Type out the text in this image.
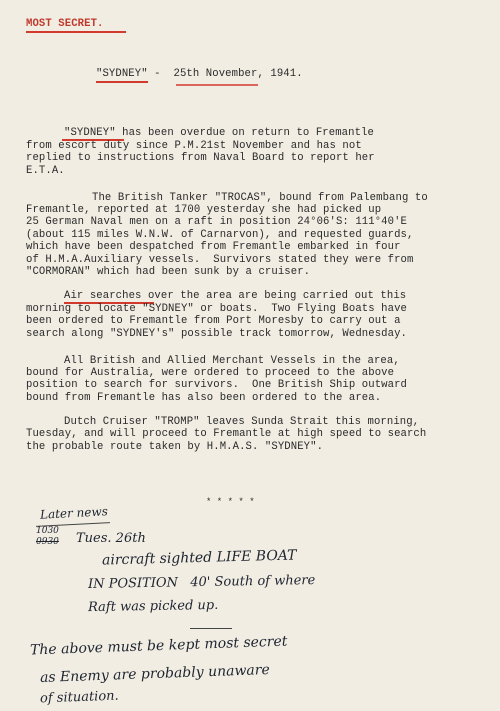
MOST SECRET.
"SYDNEY" -  25th November, 1941.
"SYDNEY" has been overdue on return to Fremantle
from escort duty since P.M.21st November and has not
replied to instructions from Naval Board to report her
E.T.A.
The British Tanker "TROCAS", bound from Palembang to
Fremantle, reported at 1700 yesterday she had picked up
25 German Naval men on a raft in position 24°06'S: 111°40'E
(about 115 miles W.N.W. of Carnarvon), and requested guards,
which have been despatched from Fremantle embarked in four
of H.M.A.Auxiliary vessels.  Survivors stated they were from
"CORMORAN" which had been sunk by a cruiser.
Air searches over the area are being carried out this
morning to locate "SYDNEY" or boats.  Two Flying Boats have
been ordered to Fremantle from Port Moresby to carry out a
search along "SYDNEY's" possible track tomorrow, Wednesday.
All British and Allied Merchant Vessels in the area,
bound for Australia, were ordered to proceed to the above
position to search for survivors.  One British Ship outward
bound from Fremantle has also been ordered to the area.
Dutch Cruiser "TROMP" leaves Sunda Strait this morning,
Tuesday, and will proceed to Fremantle at high speed to search
the probable route taken by H.M.A.S. "SYDNEY".
* * * * *
Later news
1030
0930 Tues. 26th
aircraft sighted LIFE BOAT
IN POSITION   40' South of where
Raft was picked up.
The above must be kept most secret
as Enemy are probably unaware
of situation.
